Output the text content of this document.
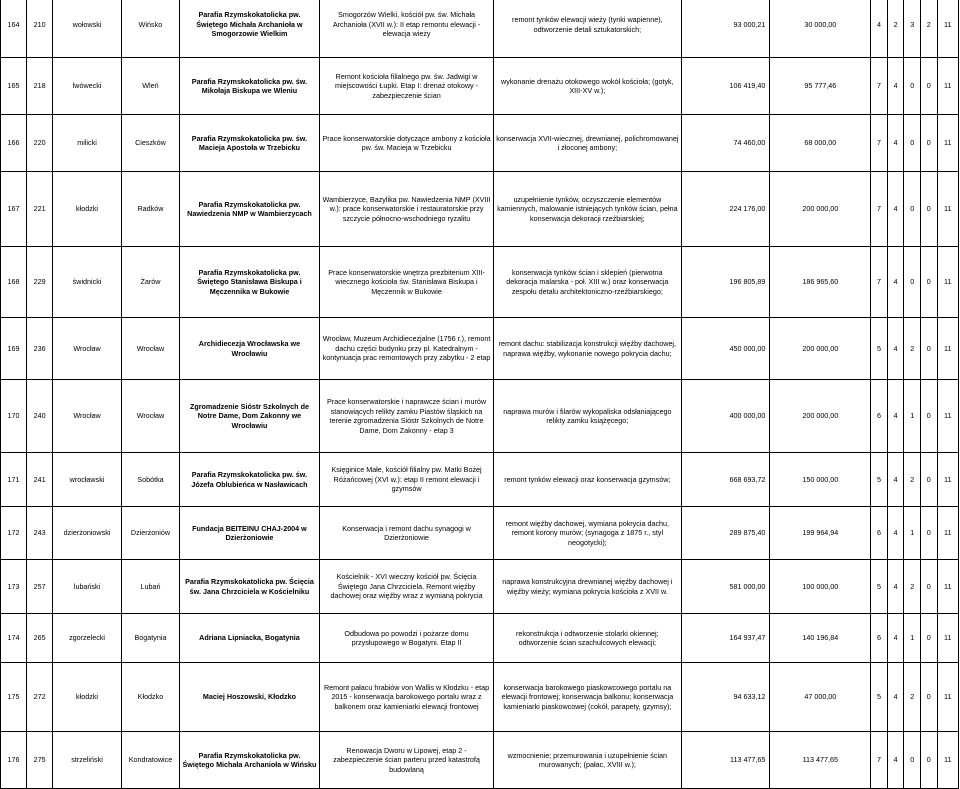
164	210	wołowski	Wińsko	Parafia Rzymskokatolicka pw. Świętego Michała Archanioła w Smogorzowie Wielkim	Smogorzów Wielki, kościół pw. św. Michała Archanioła (XVII w.): II etap remontu elewacji - elewacja wieży	remont tynków elewacji wieży (tynki wapienne), odtworzenie detali sztukatorskich;	93 000,21	30 000,00	4	2	3	2	11
165	218	lwówecki	Wleń	Parafia Rzymskokatolicka pw. św. Mikołaja Biskupa we Wleniu	Remont kościoła filialnego pw. św. Jadwigi w miejscowości Łupki. Etap I: drenaż otokowy - zabezpieczenie ścian	wykonanie drenażu otokowego wokół kościoła; (gotyk, XIII-XV w.);	106 419,40	95 777,46	7	4	0	0	11
166	220	milicki	Cieszków	Parafia Rzymskokatolicka pw. św. Macieja Apostoła w Trzebicku	Prace konserwatorskie dotyczące ambony z kościoła pw. św. Macieja w Trzebicku	konserwacja XVII-wiecznej, drewnianej, polichromowanej i złoconej ambony;	74 460,00	68 000,00	7	4	0	0	11
167	221	kłodzki	Radków	Parafia Rzymskokatolicka pw. Nawiedzenia NMP w Wambierzycach	Wambierzyce, Bazylika pw. Nawiedzenia NMP (XVIII w.): prace konserwatorskie i restauratorskie przy szczycie północno-wschodniego ryzalitu	uzupełnienie tynków, oczyszczenie elementów kamiennych, malowanie istniejących tynków ścian, pełna konserwacja dekoracji rzeźbiarskiej;	224 176,00	200 000,00	7	4	0	0	11
168	229	świdnicki	Żarów	Parafia Rzymskokatolicka pw. Świętego Stanisława Biskupa i Męczennika w Bukowie	Prace konserwatorskie wnętrza prezbiterium XIII-wiecznego kościoła św. Stanisława Biskupa i Męczennik w Bukowie	konserwacja tynków ścian i sklepień (pierwotna dekoracja malarska - poł. XIII w.) oraz konserwacja zespołu detalu architektoniczno-rzeźbiarskiego;	196 805,89	186 965,60	7	4	0	0	11
169	236	Wrocław	Wrocław	Archidiecezja Wrocławska we Wrocławiu	Wrocław, Muzeum Archidiecezjalne (1756 r.), remont dachu części budynku przy pl. Katedralnym - kontynuacja prac remontowych przy zabytku - 2 etap	remont dachu: stabilizacja konstrukcji więźby dachowej, naprawa więźby, wykonanie nowego pokrycia dachu;	450 000,00	200 000,00	5	4	2	0	11
170	240	Wrocław	Wrocław	Zgromadzenie Sióstr Szkolnych de Notre Dame, Dom Zakonny we Wrocławiu	Prace konserwatorskie i naprawcze ścian i murów stanowiących relikty zamku Piastów śląskich na terenie zgromadzenia Sióstr Szkolnych de Notre Dame, Dom Zakonny - etap 3	naprawa murów i filarów wykopaliska odsłaniającego relikty zamku książęcego;	400 000,00	200 000,00	6	4	1	0	11
171	241	wrocławski	Sobótka	Parafia Rzymskokatolicka pw. św. Józefa Oblubieńca w Nasławicach	Księginice Małe, kościół filialny pw. Matki Bożej Różańcowej (XVI w.): etap II remont elewacji i gzymsów	remont tynków elewacji oraz konserwacja gzymsów;	668 693,72	150 000,00	5	4	2	0	11
172	243	dzierżoniowski	Dzierżoniów	Fundacja BEITEINU CHAJ-2004 w Dzierżoniowie	Konserwacja i remont dachu synagogi w Dzierżoniowie	remont więźby dachowej, wymiana pokrycia dachu, remont korony murów; (synagoga z 1875 r., styl neogotycki);	289 875,40	199 964,94	6	4	1	0	11
173	257	lubański	Lubań	Parafia Rzymskokatolicka pw. Ścięcia św. Jana Chrzciciela w Kościelniku	Kościelnik - XVI wieczny kościół pw. Ścięcia Świętego Jana Chrzciciela. Remont więźby dachowej oraz więźby wraz z wymianą pokrycia	naprawa konstrukcyjna drewnianej więźby dachowej i więźby wieży; wymiana pokrycia kościoła z XVII w.	581 000,00	100 000,00	5	4	2	0	11
174	265	zgorzelecki	Bogatynia	Adriana Lipniacka, Bogatynia	Odbudowa po powodzi i pożarze domu przysłupowego w Bogatyni. Etap II	rekonstrukcja i odtworzenie stolarki okiennej; odtworzenie ścian szachulcowych elewacji;	164 937,47	140 196,84	6	4	1	0	11
175	272	kłodzki	Kłodzko	Maciej Hoszowski, Kłodzko	Remont pałacu hrabiów von Wallis w Kłodzku - etap 2015 - konserwacja barokowego portalu wraz z balkonem oraz kamieniarki elewacji frontowej	konserwacja barokowego piaskowcowego portalu na elewacji frontowej; konserwacja balkonu; konserwacja kamieniarki piaskowcowej (cokół, parapety, gzymsy);	94 633,12	47 000,00	5	4	2	0	11
176	275	strzeliński	Kondratowice	Parafia Rzymskokatolicka pw. Świętego Michała Archanioła w Wińsku	Renowacja Dworu w Lipowej, etap 2 - zabezpieczenie ścian parteru przed katastrofą budowlaną	wzmocnienie; przemurowania i uzupełnienie ścian murowanych; (pałac, XVIII w.);	113 477,65	113 477,65	7	4	0	0	11
